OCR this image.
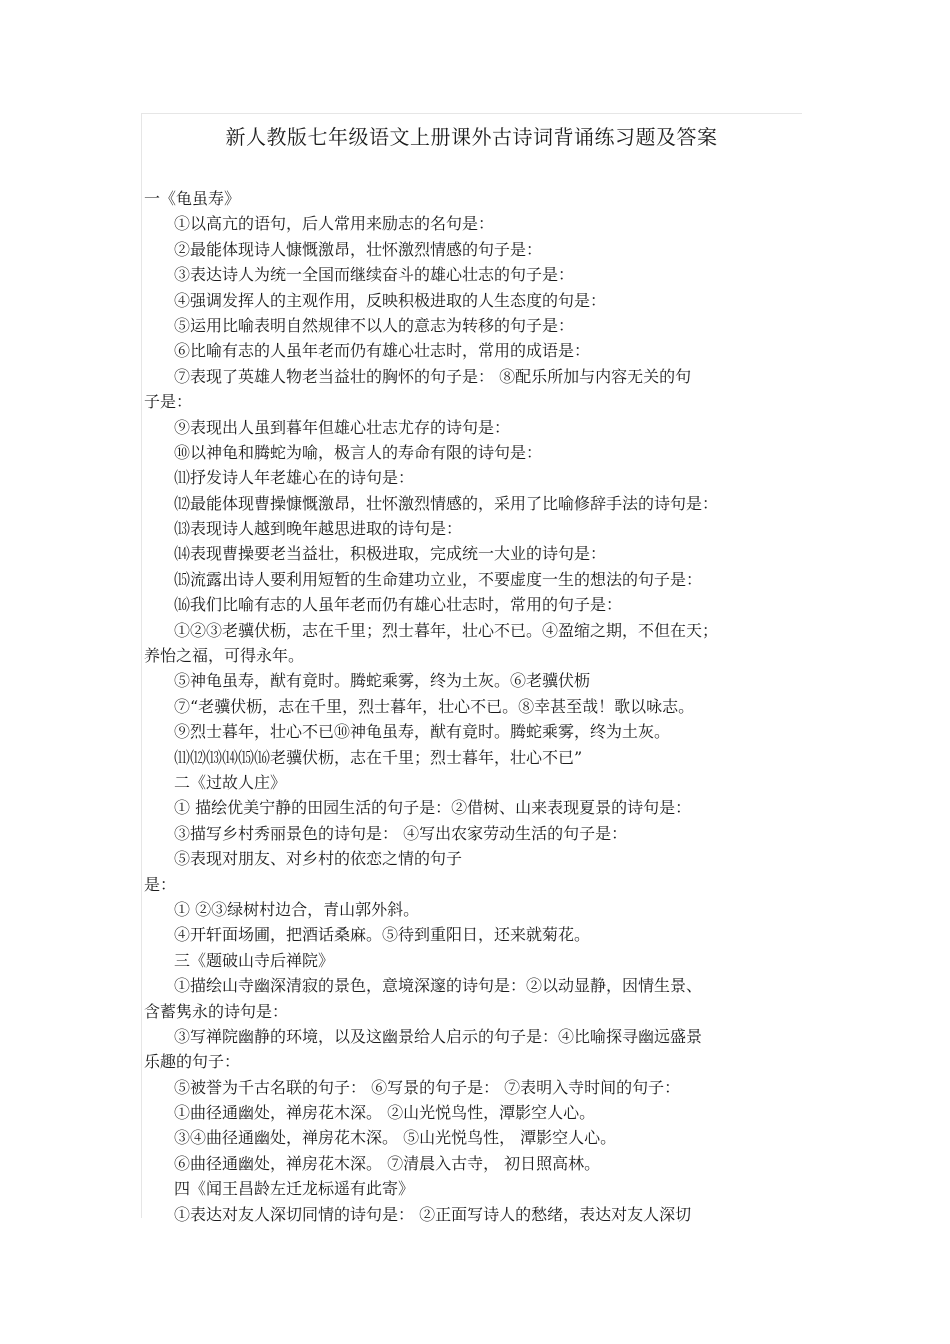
新人教版七年级语文上册课外古诗词背诵练习题及答案
一《龟虽寿》
①以高亢的语句，后人常用来励志的名句是：
②最能体现诗人慷慨激昂，壮怀激烈情感的句子是：
③表达诗人为统一全国而继续奋斗的雄心壮志的句子是：
④强调发挥人的主观作用，反映积极进取的人生态度的句是：
⑤运用比喻表明自然规律不以人的意志为转移的句子是：
⑥比喻有志的人虽年老而仍有雄心壮志时，常用的成语是：
⑦表现了英雄人物老当益壮的胸怀的句子是： ⑧配乐所加与内容无关的句
子是：
⑨表现出人虽到暮年但雄心壮志尤存的诗句是：
⑩以神龟和腾蛇为喻，极言人的寿命有限的诗句是：
⑾抒发诗人年老雄心在的诗句是：
⑿最能体现曹操慷慨激昂，壮怀激烈情感的，采用了比喻修辞手法的诗句是：
⒀表现诗人越到晚年越思进取的诗句是：
⒁表现曹操要老当益壮，积极进取，完成统一大业的诗句是：
⒂流露出诗人要利用短暂的生命建功立业，不要虚度一生的想法的句子是：
⒃我们比喻有志的人虽年老而仍有雄心壮志时，常用的句子是：
①②③老骥伏枥，志在千里；烈士暮年，壮心不已。④盈缩之期，不但在天；
养怡之福，可得永年。
⑤神龟虽寿，猷有竟时。腾蛇乘雾，终为土灰。⑥老骥伏枥
⑦“老骥伏枥，志在千里，烈士暮年，壮心不已。⑧幸甚至哉！歌以咏志。
⑨烈士暮年，壮心不已⑩神龟虽寿，猷有竟时。腾蛇乘雾，终为土灰。
⑾⑿⒀⒁⒂⒃老骥伏枥，志在千里；烈士暮年，壮心不已”
二《过故人庄》
① 描绘优美宁静的田园生活的句子是：②借树、山来表现夏景的诗句是：
③描写乡村秀丽景色的诗句是： ④写出农家劳动生活的句子是：
⑤表现对朋友、对乡村的依恋之情的句子
是：
① ②③绿树村边合，青山郭外斜。
④开轩面场圃，把酒话桑麻。⑤待到重阳日，还来就菊花。
三《题破山寺后禅院》
①描绘山寺幽深清寂的景色，意境深邃的诗句是：②以动显静，因情生景、
含蓄隽永的诗句是：
③写禅院幽静的环境，以及这幽景给人启示的句子是：④比喻探寻幽远盛景
乐趣的句子：
⑤被誉为千古名联的句子： ⑥写景的句子是： ⑦表明入寺时间的句子：
①曲径通幽处，禅房花木深。 ②山光悦鸟性，潭影空人心。
③④曲径通幽处，禅房花木深。 ⑤山光悦鸟性， 潭影空人心。
⑥曲径通幽处，禅房花木深。 ⑦清晨入古寺， 初日照高林。
四《闻王昌龄左迁龙标遥有此寄》
①表达对友人深切同情的诗句是： ②正面写诗人的愁绪，表达对友人深切
